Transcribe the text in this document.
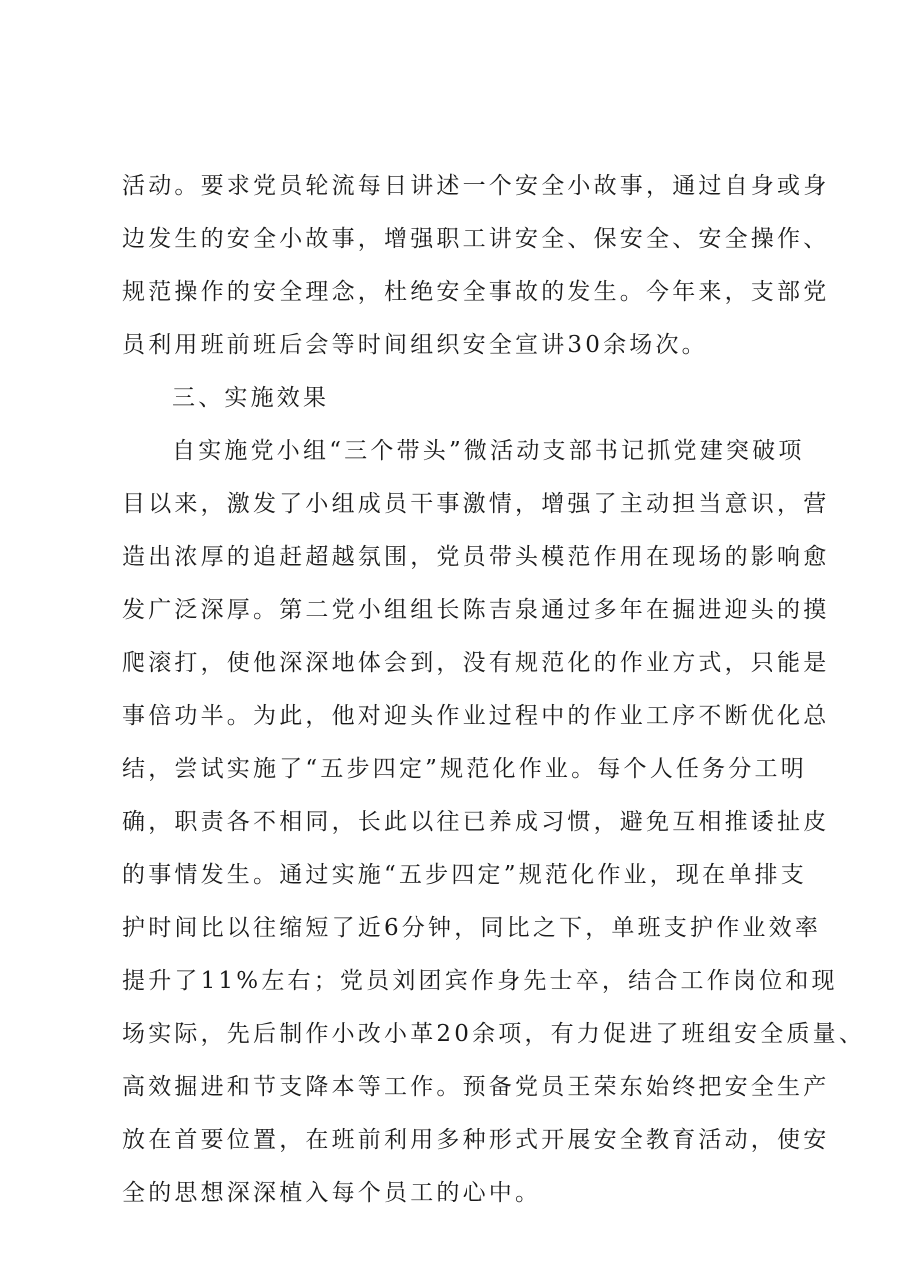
活动。要求党员轮流每日讲述一个安全小故事，通过自身或身
边发生的安全小故事，增强职工讲安全、保安全、安全操作、
规范操作的安全理念，杜绝安全事故的发生。今年来，支部党
员利用班前班后会等时间组织安全宣讲30余场次。
三、实施效果
自实施党小组“三个带头”微活动支部书记抓党建突破项
目以来，激发了小组成员干事激情，增强了主动担当意识，营
造出浓厚的追赶超越氛围，党员带头模范作用在现场的影响愈
发广泛深厚。第二党小组组长陈吉泉通过多年在掘进迎头的摸
爬滚打，使他深深地体会到，没有规范化的作业方式，只能是
事倍功半。为此，他对迎头作业过程中的作业工序不断优化总
结，尝试实施了“五步四定”规范化作业。每个人任务分工明
确，职责各不相同，长此以往已养成习惯，避免互相推诿扯皮
的事情发生。通过实施“五步四定”规范化作业，现在单排支
护时间比以往缩短了近6分钟，同比之下，单班支护作业效率
提升了11%左右；党员刘团宾作身先士卒，结合工作岗位和现
场实际，先后制作小改小革20余项，有力促进了班组安全质量、
高效掘进和节支降本等工作。预备党员王荣东始终把安全生产
放在首要位置，在班前利用多种形式开展安全教育活动，使安
全的思想深深植入每个员工的心中。
